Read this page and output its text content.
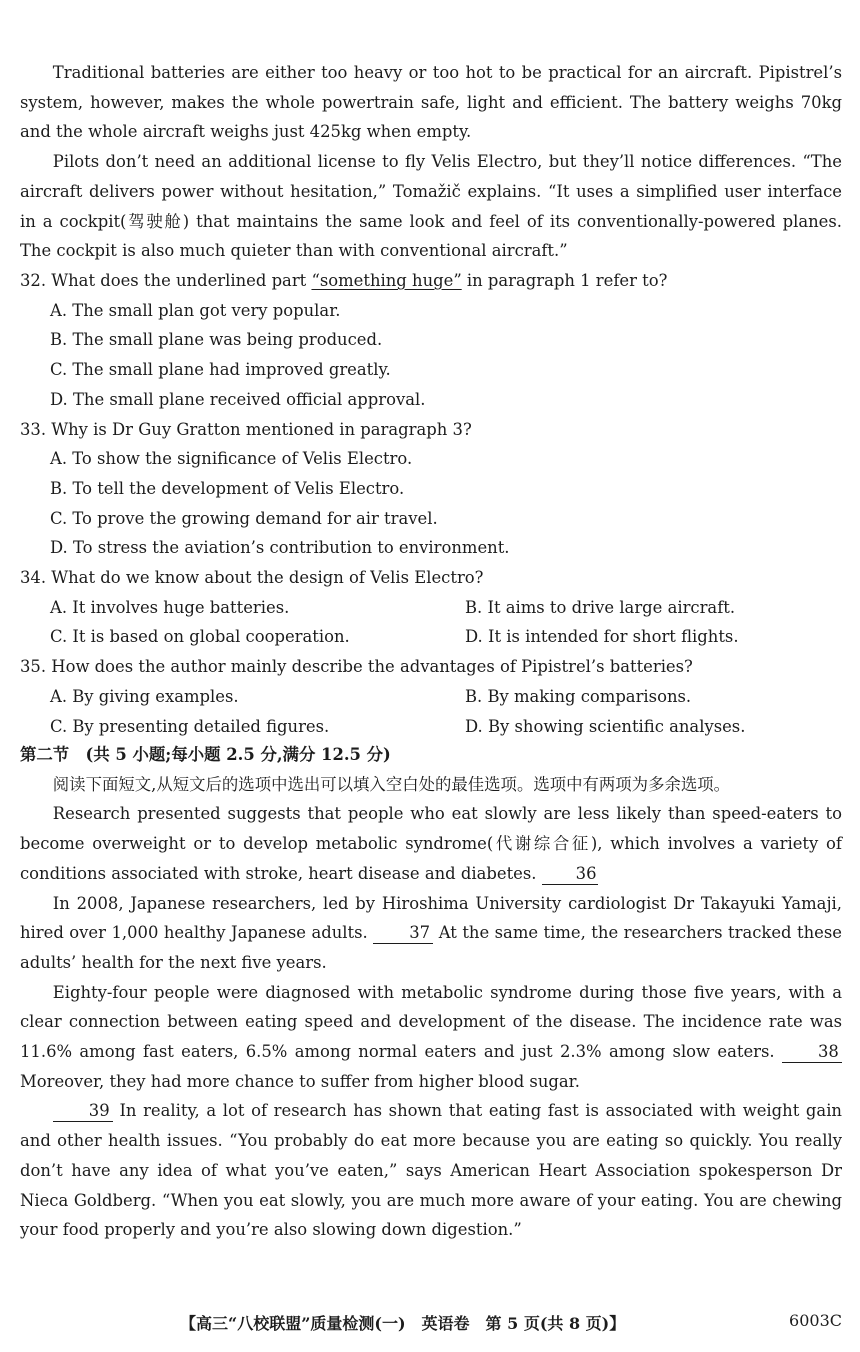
Traditional batteries are either too heavy or too hot to be practical for an aircraft. Pipistrel’s system, however, makes the whole powertrain safe, light and efficient. The battery weighs 70kg and the whole aircraft weighs just 425kg when empty.

Pilots don’t need an additional license to fly Velis Electro, but they’ll notice differences. “The aircraft delivers power without hesitation,” Tomažič explains. “It uses a simplified user interface in a cockpit(驾驶舱) that maintains the same look and feel of its conventionally-powered planes. The cockpit is also much quieter than with conventional aircraft.”

32. What does the underlined part “something huge” in paragraph 1 refer to?

A. The small plan got very popular.

B. The small plane was being produced.

C. The small plane had improved greatly.

D. The small plane received official approval.

33. Why is Dr Guy Gratton mentioned in paragraph 3?

A. To show the significance of Velis Electro.

B. To tell the development of Velis Electro.

C. To prove the growing demand for air travel.

D. To stress the aviation’s contribution to environment.

34. What do we know about the design of Velis Electro?

A. It involves huge batteries.	B. It aims to drive large aircraft.
C. It is based on global cooperation.	D. It is intended for short flights.

35. How does the author mainly describe the advantages of Pipistrel’s batteries?

A. By giving examples.	B. By making comparisons.
C. By presenting detailed figures.	D. By showing scientific analyses.

第二节　(共 5 小题;每小题 2.5 分,满分 12.5 分)

阅读下面短文,从短文后的选项中选出可以填入空白处的最佳选项。选项中有两项为多余选项。

Research presented suggests that people who eat slowly are less likely than speed-eaters to become overweight or to develop metabolic syndrome(代谢综合征), which involves a variety of conditions associated with stroke, heart disease and diabetes. 36

In 2008, Japanese researchers, led by Hiroshima University cardiologist Dr Takayuki Yamaji, hired over 1,000 healthy Japanese adults.	37 At the same time, the researchers tracked these adults’ health for the next five years.

Eighty-four people were diagnosed with metabolic syndrome during those five years, with a clear connection between eating speed and development of the disease. The incidence rate was 11.6% among fast eaters, 6.5% among normal eaters and just 2.3% among slow eaters.	38 Moreover, they had more chance to suffer from higher blood sugar.

39 In reality, a lot of research has shown that eating fast is associated with weight gain and other health issues. “You probably do eat more because you are eating so quickly. You really don’t have any idea of what you’ve eaten,” says American Heart Association spokesperson Dr Nieca Goldberg. “When you eat slowly, you are much more aware of your eating. You are chewing your food properly and you’re also slowing down digestion.”

【高三“八校联盟”质量检测(一)　英语卷　第 5 页(共 8 页)】	6003C
